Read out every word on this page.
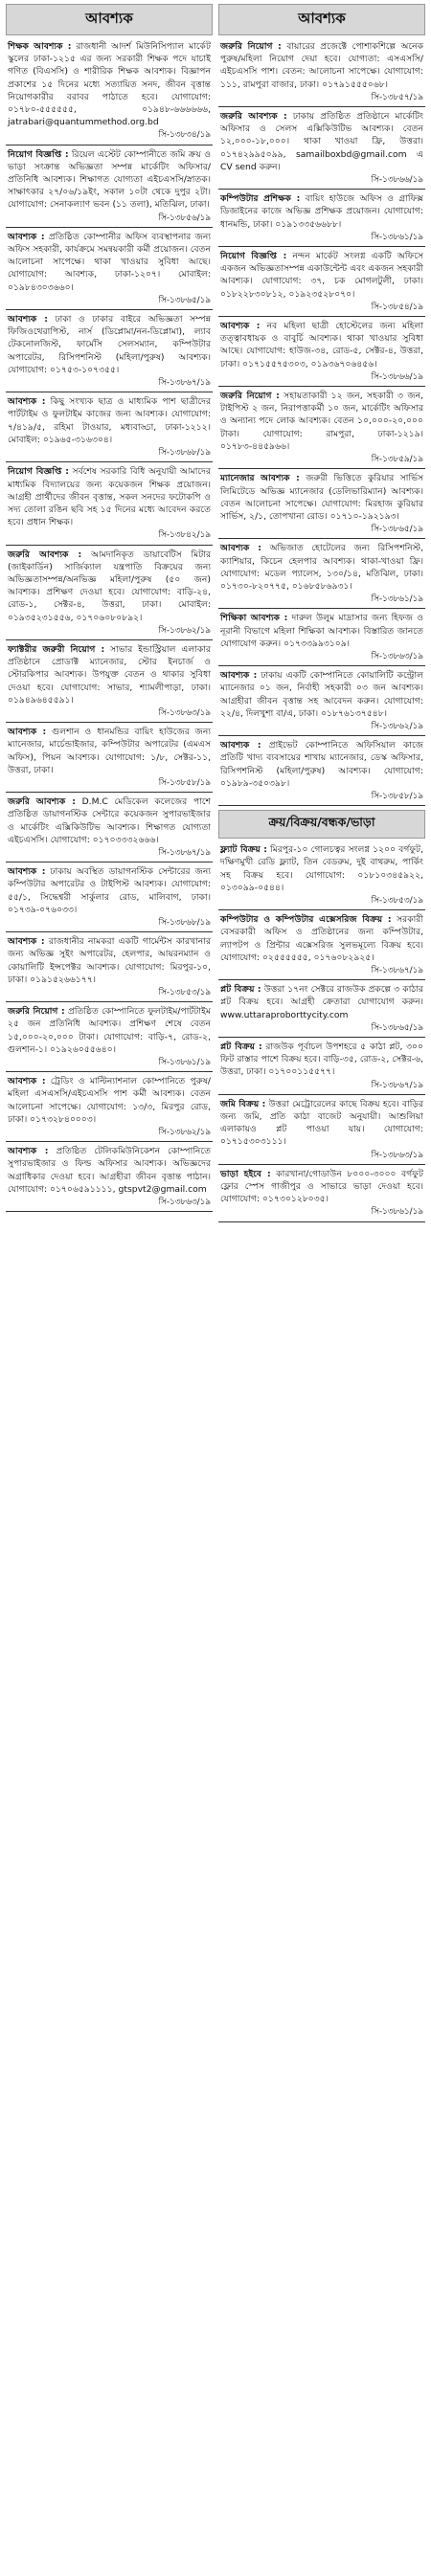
আবশ্যক
শিক্ষক আবশ্যক : রাজধানী আদর্শ মিউনিসিপ্যাল মার্কেট স্কুলের ঢাকা-১২১৫ এর জন্য সরকারী শিক্ষক পদে যাচাই গণিত (বিএসসি) ও শারীরিক শিক্ষক আবশ্যক। বিজ্ঞাপন প্রকাশের ১৫ দিনের মধ্যে সত্যায়িত সনদ, জীবন বৃত্তান্ত নিয়োগকারীর বরাবর পাঠাতে হবে। যোগাযোগ: ০১৭৮০-৫৫৫৫৫৫, ০১৯৪৮-৬৬৬৬৬৬, jatrabari@quantummethod.org.bd
সি-১৩৮৩৪/১৯
নিয়োগ বিজ্ঞপ্তি : রিয়েল এস্টেট কোম্পানীতে জমি ক্রয় ও ভাড়া সংক্রান্ত অভিজ্ঞতা সম্পন্ন মার্কেটিং অফিসার/প্রতিনিধি আবশ্যক। শিক্ষাগত যোগ্যতা এইচএসসি/স্নাতক। সাক্ষাৎকার ২৭/০৬/১৯ইং, সকাল ১০টা থেকে দুপুর ২টা। যোগাযোগ: সেনাকল্যাণ ভবন (১১ তলা), মতিঝিল, ঢাকা।
সি-১৩৮৫৬/১৯
আবশ্যক : প্রতিষ্ঠিত কোম্পানীর অফিস ব্যবস্থাপনার জন্য অফিস সহকারী, কার্যক্রমে সমন্বয়কারী কর্মী প্রয়োজন। বেতন আলোচনা সাপেক্ষে। থাকা খাওয়ার সুবিধা আছে। যোগাযোগ: আবশ্যক, ঢাকা-১২০৭। মোবাইল: ০১৯৮৪৩০৩৬৬০।
সি-১৩৮৬৫/১৯
আবশ্যক : ঢাকা ও ঢাকার বাইরে অভিজ্ঞতা সম্পন্ন ফিজিওথেরাপিস্ট, নার্স (ডিপ্লোমা/নন-ডিপ্লোমা), ল্যাব টেকনোলজিস্ট, ফার্মেসি সেলসম্যান, কম্পিউটার অপারেটর, রিসিপশনিস্ট (মহিলা/পুরুষ) আবশ্যক। যোগাযোগ: ০১৭৫৩-১০৭৩৫৫।
সি-১৩৮৬৭/১৯
আবশ্যক : কিছু সংখ্যক ছাত্র ও মাধ্যমিক পাশ ছাত্রীদের পার্টটাইম ও ফুলটাইম কাজের জন্য আবশ্যক। যোগাযোগ: ৭/৪১৯/৫, রহিমা টাওয়ার, মধ্যবাড্ডা, ঢাকা-১২১২। মোবাইল: ০১৯৬৫-৩১৬৩০৪।
সি-১৩৮৬৮/১৯
নিয়োগ বিজ্ঞপ্তি : সর্বশেষ সরকারি বিধি অনুযায়ী আমাদের মাধ্যমিক বিদ্যালয়ের জন্য কয়েকজন শিক্ষক প্রয়োজন। আগ্রহী প্রার্থীদের জীবন বৃত্তান্ত, সকল সনদের ফটোকপি ও সদ্য তোলা রঙিন ছবি সহ ১৫ দিনের মধ্যে আবেদন করতে হবে। প্রধান শিক্ষক।
সি-১৩৮৪২/১৯
জরুরি আবশ্যক : আমদানিকৃত ডায়াবেটিস মিটার (জাইকার্ডিন) সার্জিক্যাল যন্ত্রপাতি বিক্রয়ের জন্য অভিজ্ঞতাসম্পন্ন/অনভিজ্ঞ মহিলা/পুরুষ (৫০ জন) আবশ্যক। প্রশিক্ষণ দেওয়া হবে। যোগাযোগ: বাড়ি-২৪, রোড-১, সেক্টর-৪, উত্তরা, ঢাকা। মোবাইল: ০১৯৩৫২৩১৫৫৬, ০১৭০৬০৮০৮৯২।
সি-১৩৮৬২/১৯
ফ্যাক্টরীর জরুরী নিয়োগ : সাভার ইন্ডাস্ট্রিয়াল এলাকার প্রতিষ্ঠানে প্রোডাক্ট ম্যানেজার, স্টোর ইনচার্জ ও স্টোরকিপার আবশ্যক। উপযুক্ত বেতন ও থাকার সুবিধা দেওয়া হবে। যোগাযোগ: সাভার, শ্যামলীপাড়া, ঢাকা। ০১৯৪৯৬৪৫৫৯১।
সি-১৩৮৬৩/১৯
আবশ্যক : গুলশান ও ধানমন্ডির বায়িং হাউজের জন্য ম্যানেজার, মার্চেন্ডাইজার, কম্পিউটার অপারেটর (এমএস অফিস), পিয়ন আবশ্যক। যোগাযোগ: ১/৮, সেক্টর-১১, উত্তরা, ঢাকা।
সি-১৩৮৫৮/১৯
জরুরি আবশ্যক : D.M.C মেডিকেল কলেজের পাশে প্রতিষ্ঠিত ডায়াগনস্টিক সেন্টারে কয়েকজন সুপারভাইজার ও মার্কেটিং এক্সিকিউটিভ আবশ্যক। শিক্ষাগত যোগ্যতা এইচএসসি। যোগাযোগ: ০১৭০৩৩৩২৬৬৬।
সি-১৩৮৬৭/১৯
আবশ্যক : ঢাকায় অবস্থিত ডায়াগনস্টিক সেন্টারের জন্য কম্পিউটার অপারেটর ও টাইপিস্ট আবশ্যক। যোগাযোগ: ৫৫/১, সিদ্ধেশ্বরী সার্কুলার রোড, মালিবাগ, ঢাকা। ০১৭৩৯-০৭৬০৩৩।
সি-১৩৮৬৮/১৯
আবশ্যক : রাজধানীর নামকরা একটি গার্মেন্টস কারখানার জন্য অভিজ্ঞ সুইং অপারেটর, হেলপার, আয়রনম্যান ও কোয়ালিটি ইন্সপেক্টর আবশ্যক। যোগাযোগ: মিরপুর-১০, ঢাকা। ০১৯১৫২৬৬১৭৭।
সি-১৩৮৫৩/১৯
জরুরি নিয়োগ : প্রতিষ্ঠিত কোম্পানিতে ফুলটাইম/পার্টটাইম ২৫ জন প্রতিনিধি আবশ্যক। প্রশিক্ষণ শেষে বেতন ১৫,০০০-২০,০০০ টাকা। যোগাযোগ: বাড়ি-৭, রোড-২, গুলশান-১। ০১৯২৬০৫৫৬৪০।
সি-১৩৮৬১/১৯
আবশ্যক : ট্রেডিং ও মাল্টিন্যাশনাল কোম্পানিতে পুরুষ/মহিলা এসএসসি/এইচএসসি পাশ কর্মী আবশ্যক। বেতন আলোচনা সাপেক্ষে। যোগাযোগ: ১৩/৩, মিরপুর রোড, ঢাকা। ০১৭৩২৮৪০০০৩।
সি-১৩৮৬২/১৯
আবশ্যক : প্রতিষ্ঠিত টেলিকমিউনিকেশন কোম্পানিতে সুপারভাইজার ও ফিল্ড অফিসার আবশ্যক। অভিজ্ঞদের অগ্রাধিকার দেওয়া হবে। আগ্রহীরা জীবন বৃত্তান্ত পাঠান। যোগাযোগ: ০১৭০৬৫৯১১১১, gtspvt2@gmail.com
সি-১৩৮৬৩/১৯
আবশ্যক
জরুরি নিয়োগ : বায়ারের প্রজেক্টে পোশাকশিল্পে অনেক পুরুষ/মহিলা নিয়োগ দেয়া হবে। যোগ্যতা: এসএসসি/এইচএসসি পাশ। বেতন: আলোচনা সাপেক্ষে। যোগাযোগ: ১১১, রামপুরা বাজার, ঢাকা। ০১৭৯১৫৫৫০৬৮।
সি-১৩৮৫৭/১৯
জরুরি আবশ্যক : ঢাকায় প্রতিষ্ঠিত প্রতিষ্ঠানে মার্কেটিং অফিসার ও সেলস এক্সিকিউটিভ আবশ্যক। বেতন ১২,০০০-১৮,০০০। থাকা খাওয়া ফ্রি, উত্তরা। ০১৭৪২৯৯৫০৯৯, samailboxbd@gmail.com এ CV send করুন।
সি-১৩৮৬৬/১৯
কম্পিউটার প্রশিক্ষক : বায়িং হাউজে অফিস ও গ্রাফিক্স ডিজাইনের কাজে অভিজ্ঞ প্রশিক্ষক প্রয়োজন। যোগাযোগ: ধানমন্ডি, ঢাকা। ০১৯১৩৩৫৬৬৮৮।
সি-১৩৮৬১/১৯
নিয়োগ বিজ্ঞপ্তি : নন্দন মার্কেট সংলগ্ন একটি অফিসে একজন অভিজ্ঞতাসম্পন্ন একাউন্টেন্ট এবং একজন সহকারী আবশ্যক। যোগাযোগ: ৩৭, চক মোগলটুলী, ঢাকা। ০১৮২২৮৩০৮১২, ০১৯২৩৫২৮০৭০।
সি-১৩৮৫৪/১৯
আবশ্যক : নব মহিলা ছাত্রী হোস্টেলের জন্য মহিলা তত্ত্বাবধায়ক ও বাবুর্চি আবশ্যক। থাকা খাওয়ার সুবিধা আছে। যোগাযোগ: হাউজ-৩৪, রোড-৫, সেক্টর-৪, উত্তরা, ঢাকা। ০১৭১৫৫৭৫৩০৩, ০১৯৩৬৭০৬৪৫৬।
সি-১৩৮৬৬/১৯
জরুরি নিয়োগ : সহায়তাকারী ১২ জন, সহকারী ৩ জন, টাইপিস্ট ২ জন, নিরাপত্তাকর্মী ১০ জন, মার্কেটিং অফিসার ও অন্যান্য পদে লোক আবশ্যক। বেতন ১০,০০০-২০,০০০ টাকা। যোগাযোগ: রামপুরা, ঢাকা-১২১৯। ০১৭৮৩-৪৪৫৯৬৬।
সি-১৩৮৫৯/১৯
ম্যানেজার আবশ্যক : জরুরী ভিত্তিতে কুরিয়ার সার্ভিস লিমিটেডে অভিজ্ঞ ম্যানেজার (ডেলিভারিম্যান) আবশ্যক। বেতন আলোচনা সাপেক্ষে। যোগাযোগ: মিরহাজ কুরিয়ার সার্ভিস, ২/১, তোপখানা রোড। ০১৭১০-১৯২১৯৩।
সি-১৩৮৬৫/১৯
আবশ্যক : অভিজাত হোটেলের জন্য রিসিপশনিস্ট, ক্যাশিয়ার, কিচেন হেলপার আবশ্যক। থাকা-খাওয়া ফ্রি। যোগাযোগ: মডেল প্যালেস, ১৩০/১৪, মতিঝিল, ঢাকা। ০১৭৩০-৮২০৭৭৫, ০১৬৮৫৮৬৯৩১।
সি-১৩৮৬১/১৯
শিক্ষিকা আবশ্যক : দারুল উলুম মাদ্রাসার জন্য হিফজ ও নূরানী বিভাগে মহিলা শিক্ষিকা আবশ্যক। বিস্তারিত জানতে যোগাযোগ করুন। ০১৭৩৩৯৯৩১০৯।
সি-১৩৮৬৩/১৯
আবশ্যক : ঢাকায় একটি কোম্পানিতে কোয়ালিটি কন্ট্রোল ম্যানেজার ০১ জন, নির্বাহী সহকারী ০৩ জন আবশ্যক। আগ্রহীরা জীবন বৃত্তান্ত সহ আবেদন করুন। যোগাযোগ: ২২/৪, দিলখুশা বা/এ, ঢাকা। ০১৮৭৬১৩৭৫৪৮।
সি-১৩৮৬২/১৯
আবশ্যক : প্রাইভেট কোম্পানিতে অফিসিয়াল কাজে প্রতিটি খাদ্য ব্যবসায়ের শাখায় ম্যানেজার, ডেস্ক অফিসার, রিসিপশনিস্ট (মহিলা/পুরুষ) আবশ্যক। যোগাযোগ: ০১৯৮৯-৩৫০৩৯৮।
সি-১৩৮৫৮/১৯
ক্রয়/বিক্রয়/বন্ধক/ভাড়া
ফ্ল্যাট বিক্রয় : মিরপুর-১০ গোলচত্বর সংলগ্ন ১২০০ বর্গফুট, দক্ষিণমুখী রেডি ফ্ল্যাট, তিন বেডরুম, দুই বাথরুম, পার্কিং সহ বিক্রয় হবে। যোগাযোগ: ০১৮১০৩৪৫৯২২, ০১৩০৯৯-০৫৪৪।
সি-১৩৮৫৩/১৯
কম্পিউটার ও কম্পিউটার এক্সেসরিজ বিক্রয় : সরকারী বেসরকারী অফিস ও প্রতিষ্ঠানের জন্য কম্পিউটার, ল্যাপটপ ও প্রিন্টার এক্সেসরিজ সুলভমূল্যে বিক্রয় হবে। যোগাযোগ: ০২৫৫৫৫৫৫, ০১৭৬০৮২৯২৫।
সি-১৩৮৬৭/১৯
প্লট বিক্রয় : উত্তরা ১৭নং সেক্টরে রাজউক প্রকল্পে ৩ কাঠার প্লট বিক্রয় হবে। আগ্রহী ক্রেতারা যোগাযোগ করুন। www.uttaraproborttycity.com
সি-১৩৮৬৫/১৯
প্লট বিক্রয় : রাজউক পূর্বাচল উপশহরে ৫ কাঠা প্লট, ৩০০ ফিট রাস্তার পাশে বিক্রয় হবে। বাড়ি-৩৫, রোড-২, সেক্টর-৬, উত্তরা, ঢাকা। ০১৭০০১১৫৫৭৭।
সি-১৩৮৬৭/১৯
জমি বিক্রয় : উত্তরা মেট্রোরেলের কাছে বিক্রয় হবে। বাড়ির জন্য জমি, প্রতি কাঠা বাজেট অনুযায়ী। আশুলিয়া এলাকায়ও প্লট পাওয়া যায়। যোগাযোগ: ০১৭১৫৩০৩১১১।
সি-১৩৮৬৩/১৯
ভাড়া হইবে : কারখানা/গোডাউন ৮০০০-৩০০০ বর্গফুট ফ্লোর স্পেস গাজীপুর ও সাভারে ভাড়া দেওয়া হবে। যোগাযোগ: ০১৭৩০১২৮০৩৫।
সি-১৩৮৬১/১৯
